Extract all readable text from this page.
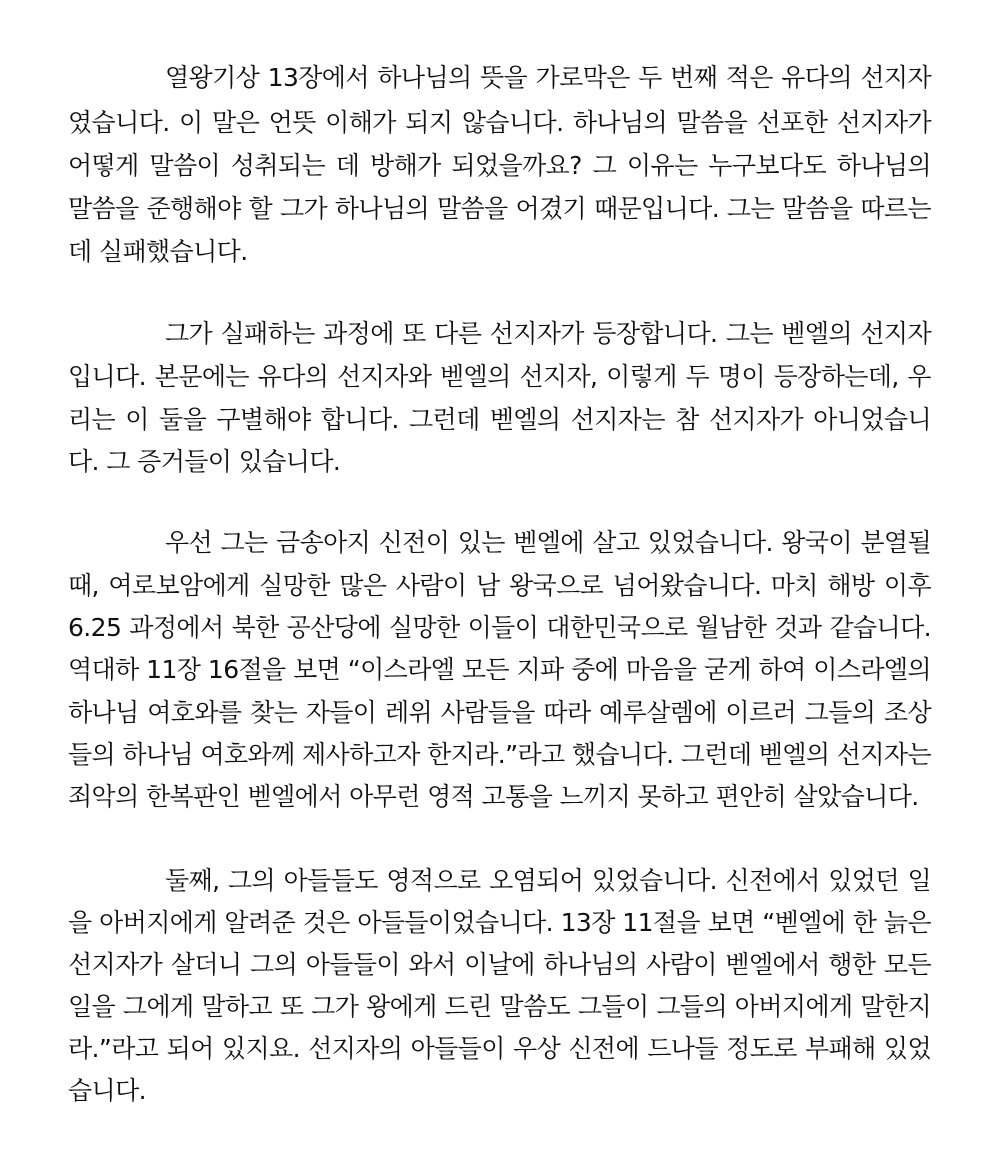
열왕기상 13장에서 하나님의 뜻을 가로막은 두 번째 적은 유다의 선지자

였습니다. 이 말은 언뜻 이해가 되지 않습니다. 하나님의 말씀을 선포한 선지자가

어떻게 말씀이 성취되는 데 방해가 되었을까요? 그 이유는 누구보다도 하나님의

말씀을 준행해야 할 그가 하나님의 말씀을 어겼기 때문입니다. 그는 말씀을 따르는

데 실패했습니다.

그가 실패하는 과정에 또 다른 선지자가 등장합니다. 그는 벧엘의 선지자

입니다. 본문에는 유다의 선지자와 벧엘의 선지자, 이렇게 두 명이 등장하는데, 우

리는 이 둘을 구별해야 합니다. 그런데 벧엘의 선지자는 참 선지자가 아니었습니

다. 그 증거들이 있습니다.

우선 그는 금송아지 신전이 있는 벧엘에 살고 있었습니다. 왕국이 분열될

때, 여로보암에게 실망한 많은 사람이 남 왕국으로 넘어왔습니다. 마치 해방 이후

6.25 과정에서 북한 공산당에 실망한 이들이 대한민국으로 월남한 것과 같습니다.

역대하 11장 16절을 보면 “이스라엘 모든 지파 중에 마음을 굳게 하여 이스라엘의

하나님 여호와를 찾는 자들이 레위 사람들을 따라 예루살렘에 이르러 그들의 조상

들의 하나님 여호와께 제사하고자 한지라.”라고 했습니다. 그런데 벧엘의 선지자는

죄악의 한복판인 벧엘에서 아무런 영적 고통을 느끼지 못하고 편안히 살았습니다.

둘째, 그의 아들들도 영적으로 오염되어 있었습니다. 신전에서 있었던 일

을 아버지에게 알려준 것은 아들들이었습니다. 13장 11절을 보면 “벧엘에 한 늙은

선지자가 살더니 그의 아들들이 와서 이날에 하나님의 사람이 벧엘에서 행한 모든

일을 그에게 말하고 또 그가 왕에게 드린 말씀도 그들이 그들의 아버지에게 말한지

라.”라고 되어 있지요. 선지자의 아들들이 우상 신전에 드나들 정도로 부패해 있었

습니다.
